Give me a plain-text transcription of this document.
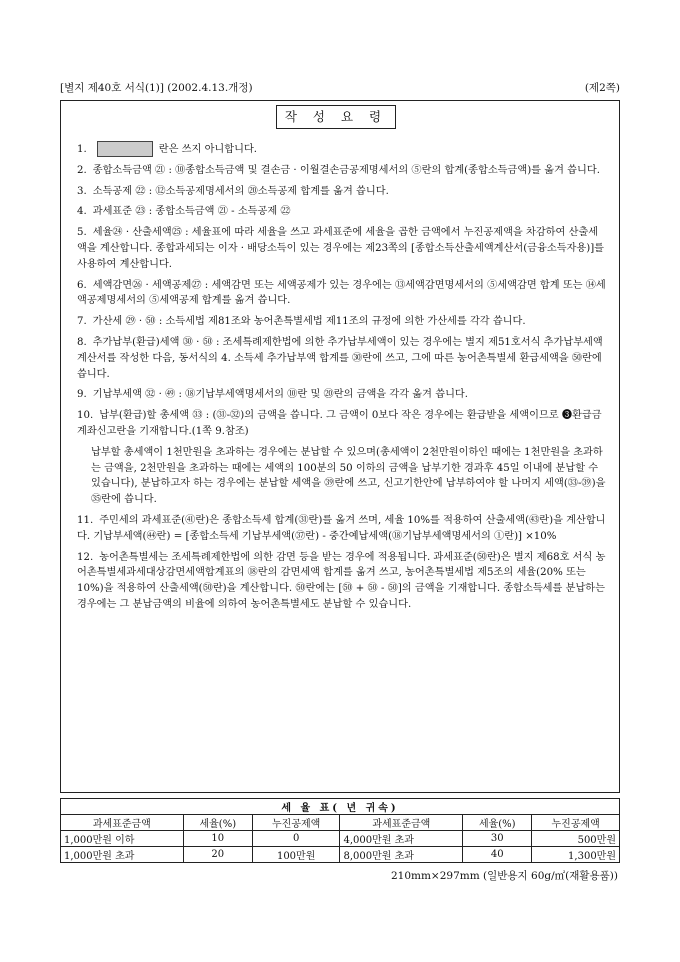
[별지 제40호 서식(1)] (2002.4.13.개정)	(제2쪽)
작 성 요 령
1.	란은 쓰지 아니합니다.
2. 종합소득금액 ㉑ : ⑩종합소득금액 및 결손금 · 이월결손금공제명세서의 ⑤란의 합계(종합소득금액)를 옮겨 씁니다.
3. 소득공제 ㉒ : ⑫소득공제명세서의 ⑳소득공제 합계를 옮겨 씁니다.
4. 과세표준 ㉓ : 종합소득금액 ㉑ - 소득공제 ㉒
5. 세율㉔ · 산출세액㉕ : 세율표에 따라 세율을 쓰고 과세표준에 세율을 곱한 금액에서 누진공제액을 차감하여 산출세액을 계산합니다. 종합과세되는 이자 · 배당소득이 있는 경우에는 제23쪽의 [종합소득산출세액계산서(금융소득자용)]를 사용하여 계산합니다.
6. 세액감면㉖ · 세액공제㉗ : 세액감면 또는 세액공제가 있는 경우에는 ⑬세액감면명세서의 ⑤세액감면 합계 또는 ⑭세액공제명세서의 ⑤세액공제 합계를 옮겨 씁니다.
7. 가산세 ㉙ · ㊿ : 소득세법 제81조와 농어촌특별세법 제11조의 규정에 의한 가산세를 각각 씁니다.
8. 추가납부(환급)세액 ㉚ · ㊿ : 조세특례제한법에 의한 추가납부세액이 있는 경우에는 별지 제51호서식 추가납부세액계산서를 작성한 다음, 동서식의 4. 소득세 추가납부액 합계를 ㉚란에 쓰고, 그에 따른 농어촌특별세 환급세액을 ㊿란에 씁니다.
9. 기납부세액 ㉜ · ㊾ : ⑱기납부세액명세서의 ⑩란 및 ⑳란의 금액을 각각 옮겨 씁니다.
10. 납부(환급)할 총세액 ㉝ : (㉛-㉜)의 금액을 씁니다. 그 금액이 0보다 작은 경우에는 환급받을 세액이므로 ❸환급금 계좌신고란을 기재합니다.(1쪽 9.참조)
납부할 총세액이 1천만원을 초과하는 경우에는 분납할 수 있으며(총세액이 2천만원이하인 때에는 1천만원을 초과하는 금액을, 2천만원을 초과하는 때에는 세액의 100분의 50 이하의 금액을 납부기한 경과후 45일 이내에 분납할 수 있습니다), 분납하고자 하는 경우에는 분납할 세액을 ㊴란에 쓰고, 신고기한안에 납부하여야 할 나머지 세액(㉝-㊴)을 ㉟란에 씁니다.
11. 주민세의 과세표준(㊶란)은 종합소득세 합계(㉛란)를 옮겨 쓰며, 세율 10%를 적용하여 산출세액(㊸란)을 계산합니다. 기납부세액(㊹란) = [종합소득세 기납부세액(㊲란) - 중간예납세액(⑱기납부세액명세서의 ①란)] ×10%
12. 농어촌특별세는 조세특례제한법에 의한 감면 등을 받는 경우에 적용됩니다. 과세표준(㊿란)은 별지 제68호 서식 농어촌특별세과세대상감면세액합계표의 ⑱란의 감면세액 합계를 옮겨 쓰고, 농어촌특별세법 제5조의 세율(20% 또는 10%)을 적용하여 산출세액(㊿란)을 계산합니다. ㊿란에는 [㊿ + ㊿ - ㊿]의 금액을 기재합니다. 종합소득세를 분납하는 경우에는 그 분납금액의 비율에 의하여 농어촌특별세도 분납할 수 있습니다.
세 율 표( 년 귀속)					
과세표준금액	세율(%)	누진공제액	과세표준금액	세율(%)	누진공제액
1,000만원 이하	10	0	4,000만원 초과	30	500만원
1,000만원 초과	20	100만원	8,000만원 초과	40	1,300만원
210mm×297mm (일반용지 60g/㎡(재활용품))
